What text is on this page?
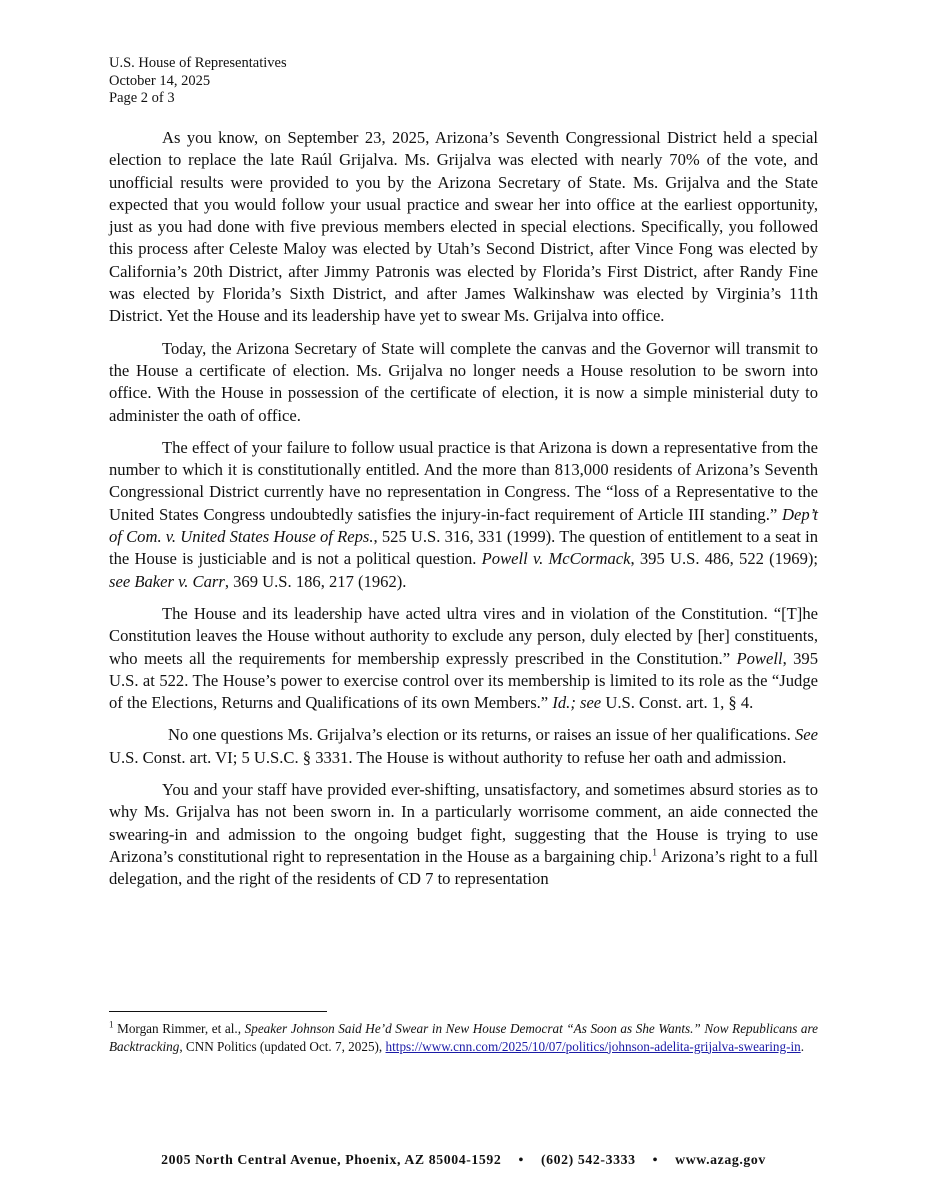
U.S. House of Representatives
October 14, 2025
Page 2 of 3

As you know, on September 23, 2025, Arizona’s Seventh Congressional District held a special election to replace the late Raúl Grijalva. Ms. Grijalva was elected with nearly 70% of the vote, and unofficial results were provided to you by the Arizona Secretary of State. Ms. Grijalva and the State expected that you would follow your usual practice and swear her into office at the earliest opportunity, just as you had done with five previous members elected in special elections. Specifically, you followed this process after Celeste Maloy was elected by Utah’s Second District, after Vince Fong was elected by California’s 20th District, after Jimmy Patronis was elected by Florida’s First District, after Randy Fine was elected by Florida’s Sixth District, and after James Walkinshaw was elected by Virginia’s 11th District. Yet the House and its leadership have yet to swear Ms. Grijalva into office.

Today, the Arizona Secretary of State will complete the canvas and the Governor will transmit to the House a certificate of election. Ms. Grijalva no longer needs a House resolution to be sworn into office. With the House in possession of the certificate of election, it is now a simple ministerial duty to administer the oath of office.

The effect of your failure to follow usual practice is that Arizona is down a representative from the number to which it is constitutionally entitled. And the more than 813,000 residents of Arizona’s Seventh Congressional District currently have no representation in Congress. The “loss of a Representative to the United States Congress undoubtedly satisfies the injury-in-fact requirement of Article III standing.” Dep’t of Com. v. United States House of Reps., 525 U.S. 316, 331 (1999). The question of entitlement to a seat in the House is justiciable and is not a political question. Powell v. McCormack, 395 U.S. 486, 522 (1969); see Baker v. Carr, 369 U.S. 186, 217 (1962).

The House and its leadership have acted ultra vires and in violation of the Constitution. “[T]he Constitution leaves the House without authority to exclude any person, duly elected by [her] constituents, who meets all the requirements for membership expressly prescribed in the Constitution.” Powell, 395 U.S. at 522. The House’s power to exercise control over its membership is limited to its role as the “Judge of the Elections, Returns and Qualifications of its own Members.” Id.; see U.S. Const. art. 1, § 4.

No one questions Ms. Grijalva’s election or its returns, or raises an issue of her qualifications. See U.S. Const. art. VI; 5 U.S.C. § 3331. The House is without authority to refuse her oath and admission.

You and your staff have provided ever-shifting, unsatisfactory, and sometimes absurd stories as to why Ms. Grijalva has not been sworn in. In a particularly worrisome comment, an aide connected the swearing-in and admission to the ongoing budget fight, suggesting that the House is trying to use Arizona’s constitutional right to representation in the House as a bargaining chip.$^1$ Arizona’s right to a full delegation, and the right of the residents of CD 7 to representation

$^1$ Morgan Rimmer, et al., Speaker Johnson Said He’d Swear in New House Democrat “As Soon as She Wants.” Now Republicans are Backtracking, CNN Politics (updated Oct. 7, 2025), https://www.cnn.com/2025/10/07/politics/johnson-adelita-grijalva-swearing-in.
2005 North Central Avenue, Phoenix, AZ 85004-1592 • (602) 542-3333 • www.azag.gov
